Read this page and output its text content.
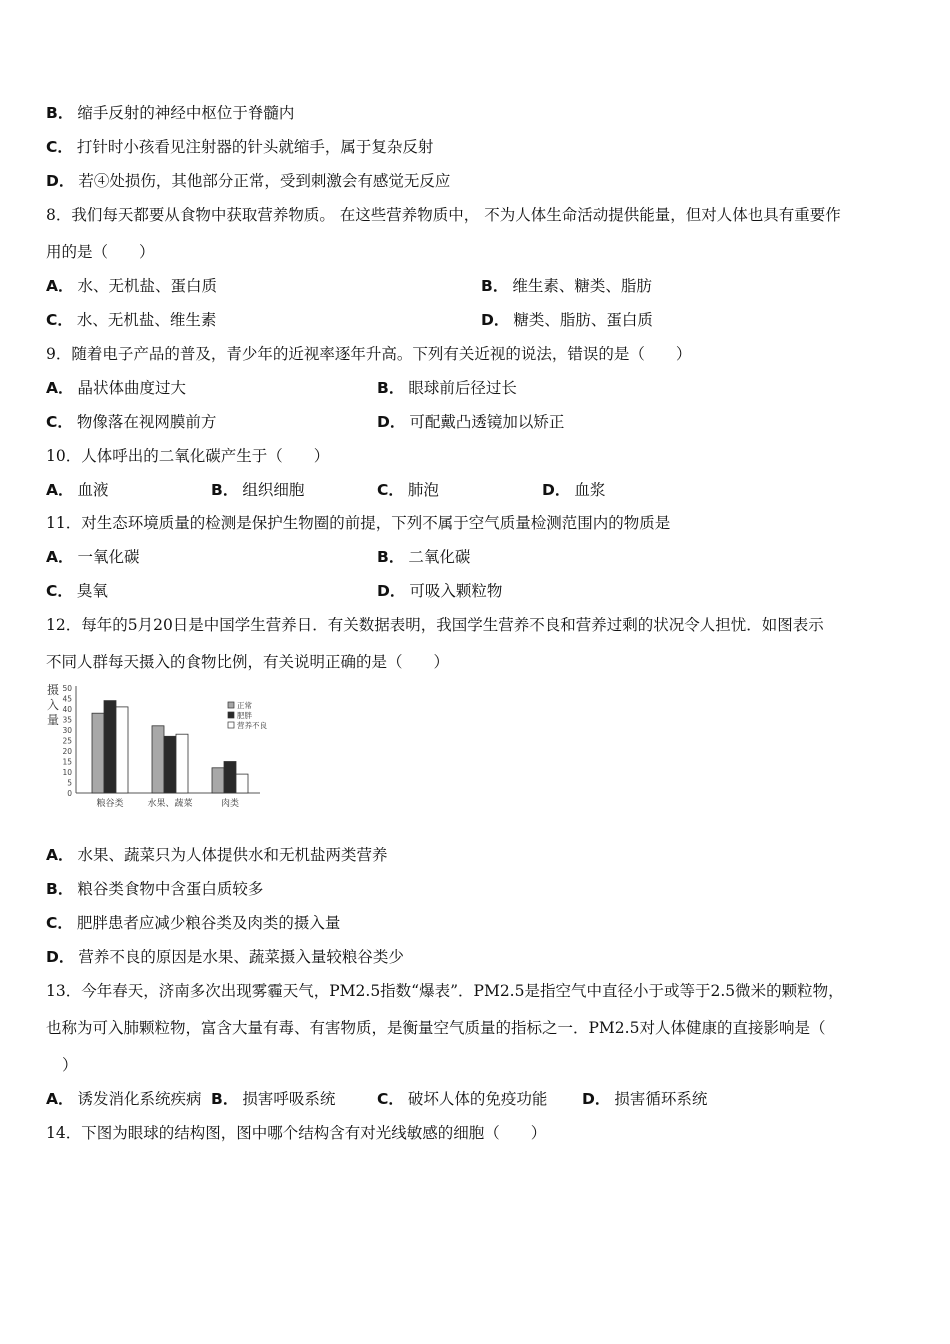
B． 缩手反射的神经中枢位于脊髓内
C． 打针时小孩看见注射器的针头就缩手，属于复杂反射
D． 若④处损伤，其他部分正常，受到刺激会有感觉无反应
8．我们每天都要从食物中获取营养物质。 在这些营养物质中， 不为人体生命活动提供能量，但对人体也具有重要作
用的是（　　）
A． 水、无机盐、蛋白质	B． 维生素、糖类、脂肪
C． 水、无机盐、维生素	D． 糖类、脂肪、蛋白质
9．随着电子产品的普及，青少年的近视率逐年升高。下列有关近视的说法，错误的是（　　）
A． 晶状体曲度过大	B． 眼球前后径过长
C． 物像落在视网膜前方	D． 可配戴凸透镜加以矫正
10．人体呼出的二氧化碳产生于（　　）
A． 血液	B． 组织细胞	C． 肺泡	D． 血浆
11．对生态环境质量的检测是保护生物圈的前提，下列不属于空气质量检测范围内的物质是
A． 一氧化碳	B． 二氧化碳
C． 臭氧	D． 可吸入颗粒物
12．每年的5月20日是中国学生营养日．有关数据表明，我国学生营养不良和营养过剩的状况令人担忧．如图表示
不同人群每天摄入的食物比例，有关说明正确的是（　　）
摄
入
量
0
5
10
15
20
25
30
35
40
45
50
粮谷类	水果、蔬菜	肉类
正常
肥胖
营养不良
A． 水果、蔬菜只为人体提供水和无机盐两类营养
B． 粮谷类食物中含蛋白质较多
C． 肥胖患者应减少粮谷类及肉类的摄入量
D． 营养不良的原因是水果、蔬菜摄入量较粮谷类少
13．今年春天，济南多次出现雾霾天气，PM2.5指数“爆表”．PM2.5是指空气中直径小于或等于2.5微米的颗粒物，
也称为可入肺颗粒物，富含大量有毒、有害物质，是衡量空气质量的指标之一．PM2.5对人体健康的直接影响是（
）
A． 诱发消化系统疾病 B． 损害呼吸系统	C． 破坏人体的免疫功能 D． 损害循环系统
14．下图为眼球的结构图，图中哪个结构含有对光线敏感的细胞（　　）
